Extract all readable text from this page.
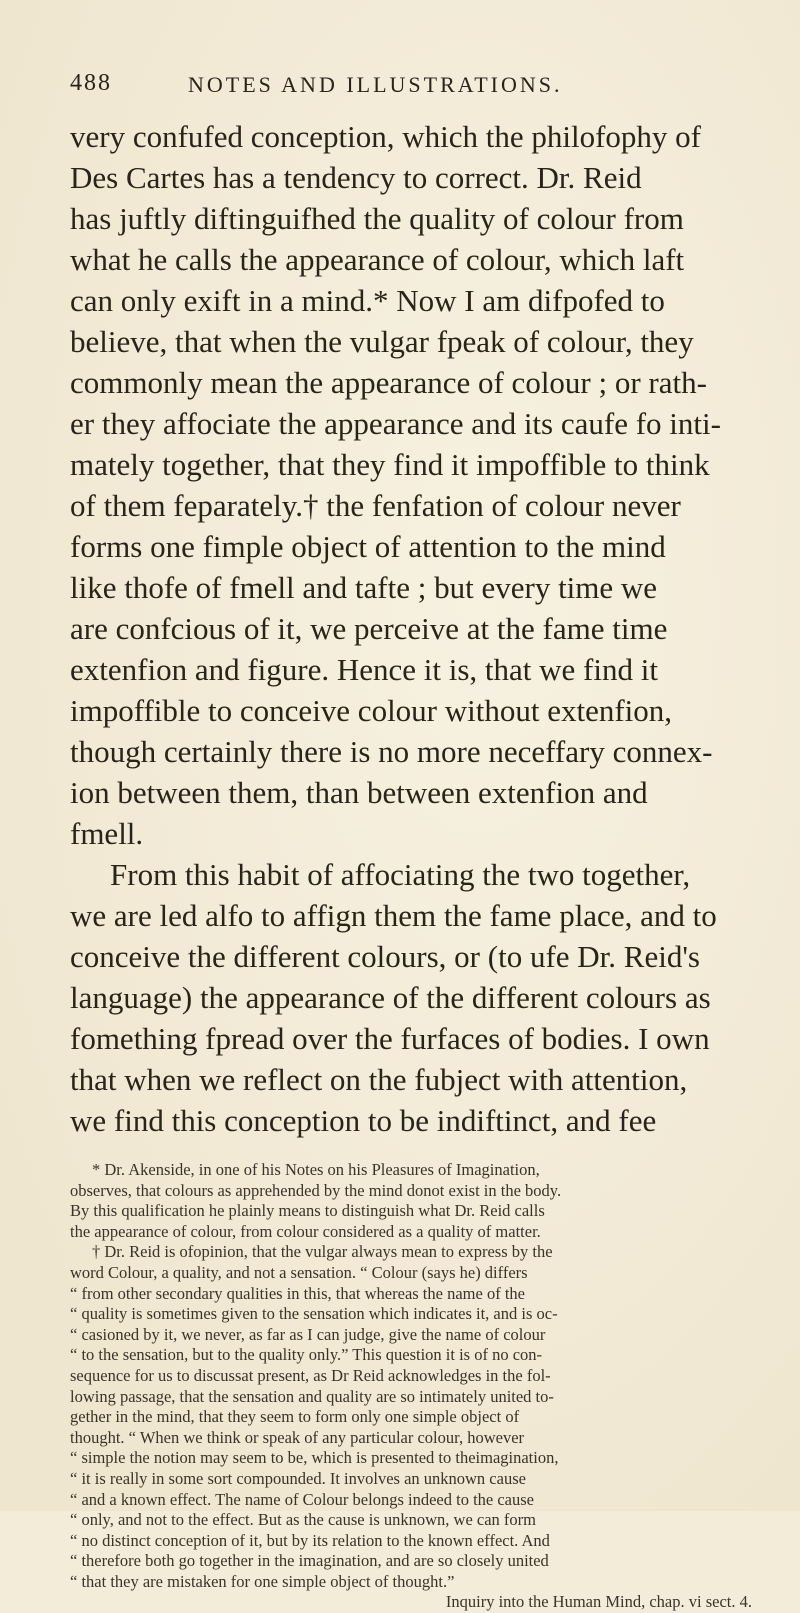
488	NOTES AND ILLUSTRATIONS.

very confufed conception, which the philofophy of
Des Cartes has a tendency to correct. Dr. Reid
has juftly diftinguifhed the quality of colour from
what he calls the appearance of colour, which laft
can only exift in a mind.* Now I am difpofed to
believe, that when the vulgar fpeak of colour, they
commonly mean the appearance of colour ; or rath-
er they affociate the appearance and its caufe fo inti-
mately together, that they find it impoffible to think
of them feparately.† the fenfation of colour never
forms one fimple object of attention to the mind
like thofe of fmell and tafte ; but every time we
are confcious of it, we perceive at the fame time
extenfion and figure. Hence it is, that we find it
impoffible to conceive colour without extenfion,
though certainly there is no more neceffary connex-
ion between them, than between extenfion and
fmell.

From this habit of affociating the two together,
we are led alfo to affign them the fame place, and to
conceive the different colours, or (to ufe Dr. Reid's
language) the appearance of the different colours as
fomething fpread over the furfaces of bodies. I own
that when we reflect on the fubject with attention,
we find this conception to be indiftinct, and fee

* Dr. Akenside, in one of his Notes on his Pleasures of Imagination,
observes, that colours as apprehended by the mind donot exist in the body.
By this qualification he plainly means to distinguish what Dr. Reid calls
the appearance of colour, from colour considered as a quality of matter.
† Dr. Reid is ofopinion, that the vulgar always mean to express by the
word Colour, a quality, and not a sensation. “ Colour (says he) differs
“ from other secondary qualities in this, that whereas the name of the
“ quality is sometimes given to the sensation which indicates it, and is oc-
“ casioned by it, we never, as far as I can judge, give the name of colour
“ to the sensation, but to the quality only.” This question it is of no con-
sequence for us to discussat present, as Dr Reid acknowledges in the fol-
lowing passage, that the sensation and quality are so intimately united to-
gether in the mind, that they seem to form only one simple object of
thought. “ When we think or speak of any particular colour, however
“ simple the notion may seem to be, which is presented to theimagination,
“ it is really in some sort compounded. It involves an unknown cause
“ and a known effect. The name of Colour belongs indeed to the cause
“ only, and not to the effect. But as the cause is unknown, we can form
“ no distinct conception of it, but by its relation to the known effect. And
“ therefore both go together in the imagination, and are so closely united
“ that they are mistaken for one simple object of thought.”
Inquiry into the Human Mind, chap. vi sect. 4.
